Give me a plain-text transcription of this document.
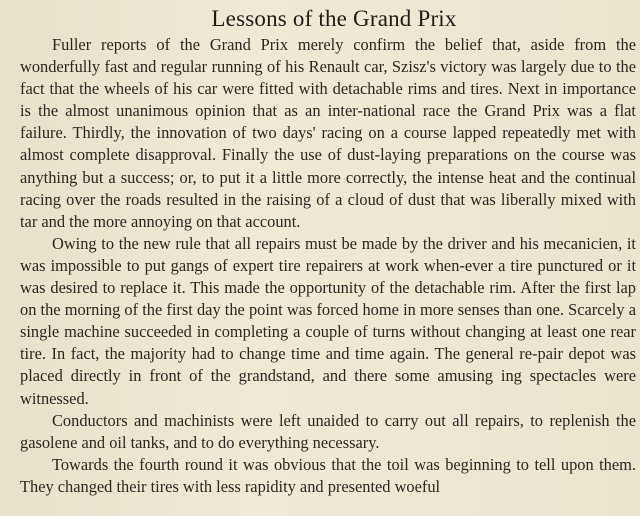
Lessons of the Grand Prix

Fuller reports of the Grand Prix merely confirm the belief that, aside from the wonderfully fast and regular running of his Renault car, Szisz's victory was largely due to the fact that the wheels of his car were fitted with detachable rims and tires. Next in importance is the almost unanimous opinion that as an inter-national race the Grand Prix was a flat failure. Thirdly, the innovation of two days' racing on a course lapped repeatedly met with almost complete disapproval. Finally the use of dust-laying preparations on the course was anything but a success; or, to put it a little more correctly, the intense heat and the continual racing over the roads resulted in the raising of a cloud of dust that was liberally mixed with tar and the more annoying on that account.

Owing to the new rule that all repairs must be made by the driver and his mecanicien, it was impossible to put gangs of expert tire repairers at work when-ever a tire punctured or it was desired to replace it. This made the opportunity of the detachable rim. After the first lap on the morning of the first day the point was forced home in more senses than one. Scarcely a single machine succeeded in completing a couple of turns without changing at least one rear tire. In fact, the majority had to change time and time again. The general re-pair depot was placed directly in front of the grandstand, and there some amusing ing spectacles were witnessed.

Conductors and machinists were left unaided to carry out all repairs, to replenish the gasolene and oil tanks, and to do everything necessary.

Towards the fourth round it was obvious that the toil was beginning to tell upon them. They changed their tires with less rapidity and presented woeful
